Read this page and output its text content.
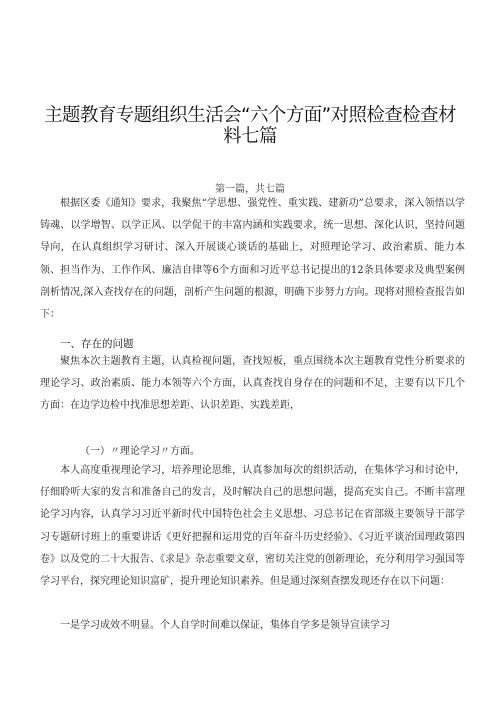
主题教育专题组织生活会“六个方面”对照检查检查材
料七篇
第一篇，共七篇
根据区委《通知》要求，我聚焦“学思想、强党性、重实践、建新功”总要求，深入领悟以学铸魂、以学增智、以学正风、以学促干的丰富内涵和实践要求，统一思想、深化认识，坚持问题导向，在认真组织学习研讨、深入开展谈心谈话的基础上，对照理论学习、政治素质、能力本领、担当作为、工作作风、廉洁自律等6个方面和习近平总书记提出的12条具体要求及典型案例剖析情况,深入查找存在的问题，剖析产生问题的根源，明确下步努力方向。现将对照检查报告如下：
一、存在的问题
聚焦本次主题教育主题，认真检视问题，查找短板，重点围绕本次主题教育党性分析要求的理论学习、政治素质、能力本领等六个方面，认真查找自身存在的问题和不足，主要有以下几个方面：在边学边检中找准思想差距、认识差距、实践差距，
（一）〃理论学习〃方面。
本人高度重视理论学习，培养理论思维，认真参加每次的组织活动，在集体学习和讨论中，仔细聆听大家的发言和准备自己的发言，及时解决自己的思想问题，提高充实自己。不断丰富理论学习内容，认真学习习近平新时代中国特色社会主义思想、习总书记在省部级主要领导干部学习专题研讨班上的重要讲话《更好把握和运用党的百年奋斗历史经验》、《习近平谈治国理政第四卷》以及党的二十大报告、《求是》杂志重要文章，密切关注党的创新理论，充分利用学习强国等学习平台，探究理论知识富矿，提升理论知识素养。但是通过深刻查摆发现还存在以下问题：
一是学习成效不明显。个人自学时间难以保证，集体自学多是领导宣读学习
